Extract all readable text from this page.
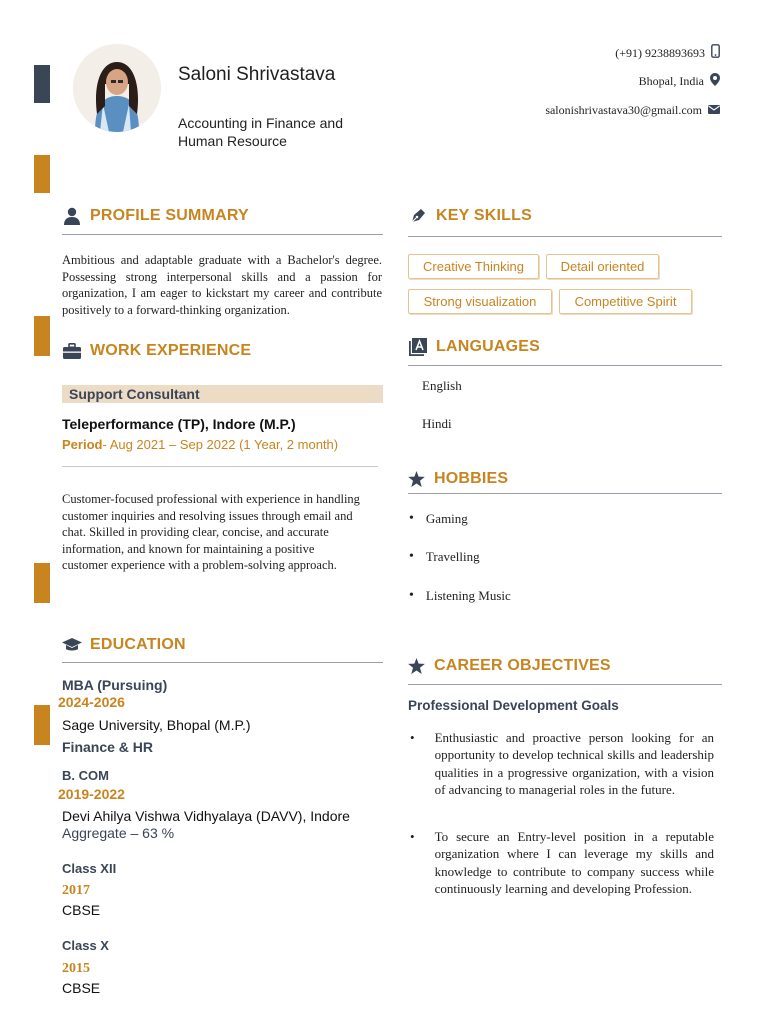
Saloni Shrivastava
Accounting in Finance and Human Resource
(+91) 9238893693
Bhopal, India
salonishrivastava30@gmail.com
PROFILE SUMMARY
Ambitious and adaptable graduate with a Bachelor's degree. Possessing strong interpersonal skills and a passion for organization, I am eager to kickstart my career and contribute positively to a forward-thinking organization.
WORK EXPERIENCE
Support Consultant
Teleperformance (TP), Indore (M.P.)
Period- Aug 2021 – Sep 2022 (1 Year, 2 month)
Customer-focused professional with experience in handling customer inquiries and resolving issues through email and chat. Skilled in providing clear, concise, and accurate information, and known for maintaining a positive customer experience with a problem-solving approach.
EDUCATION
MBA (Pursuing)
2024-2026
Sage University, Bhopal (M.P.)
Finance & HR
B. COM
2019-2022
Devi Ahilya Vishwa Vidhyalaya (DAVV), Indore
Aggregate – 63 %
Class XII
2017
CBSE
Class X
2015
CBSE
KEY SKILLS
Creative Thinking	Detail oriented
Strong visualization	Competitive Spirit
LANGUAGES
English
Hindi
HOBBIES
• Gaming
• Travelling
• Listening Music
CAREER OBJECTIVES
Professional Development Goals
• Enthusiastic and proactive person looking for an opportunity to develop technical skills and leadership qualities in a progressive organization, with a vision of advancing to managerial roles in the future.
• To secure an Entry-level position in a reputable organization where I can leverage my skills and knowledge to contribute to company success while continuously learning and developing Profession.
